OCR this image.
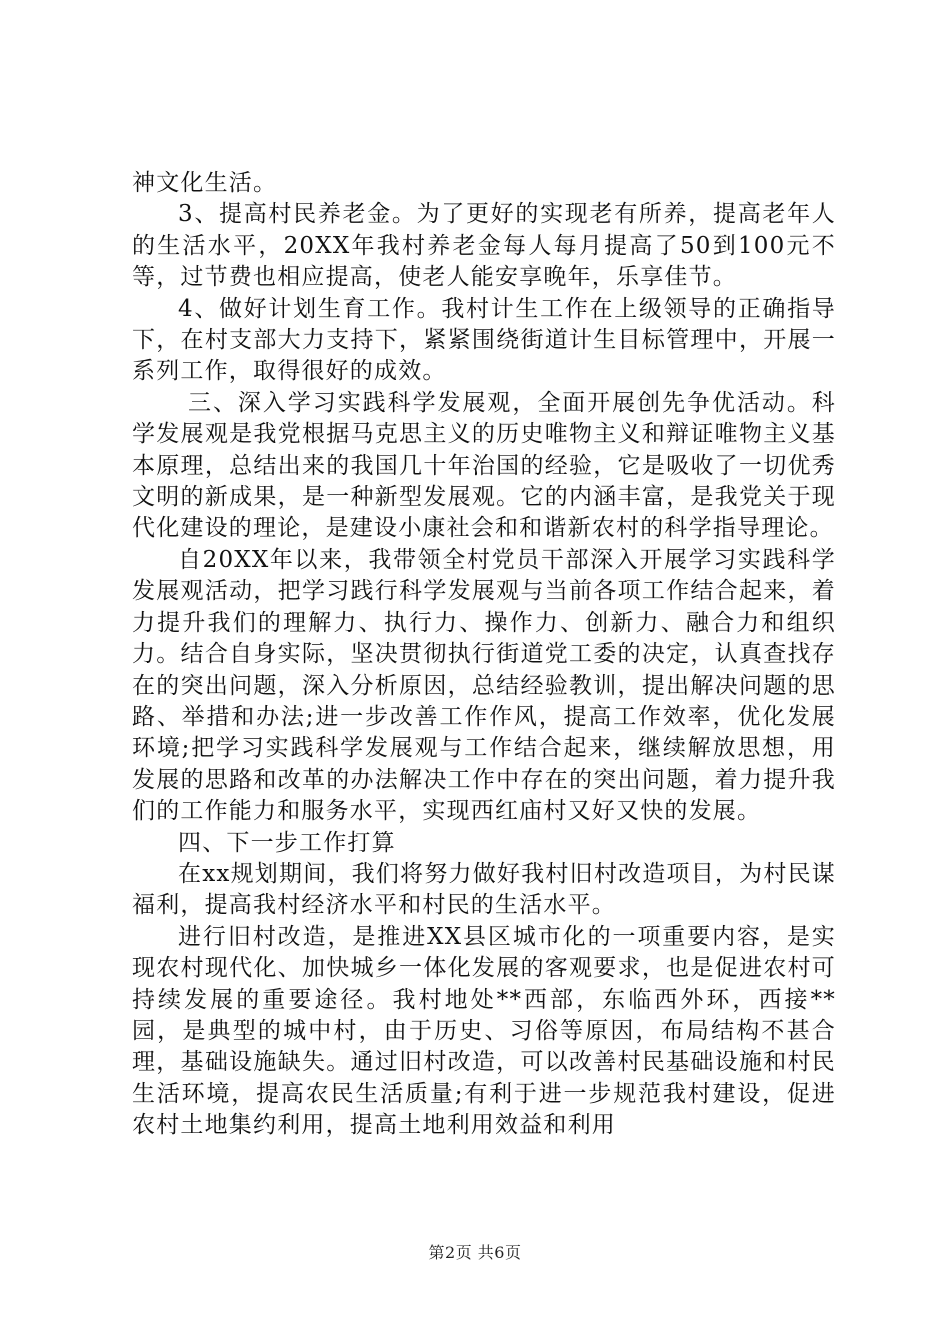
神文化生活。

3、提高村民养老金。为了更好的实现老有所养，提高老年人的生活水平，20XX年我村养老金每人每月提高了50到100元不等，过节费也相应提高，使老人能安享晚年，乐享佳节。

4、做好计划生育工作。我村计生工作在上级领导的正确指导下，在村支部大力支持下，紧紧围绕街道计生目标管理中，开展一系列工作，取得很好的成效。

三、深入学习实践科学发展观，全面开展创先争优活动。科学发展观是我党根据马克思主义的历史唯物主义和辩证唯物主义基本原理，总结出来的我国几十年治国的经验，它是吸收了一切优秀文明的新成果，是一种新型发展观。它的内涵丰富，是我党关于现代化建设的理论，是建设小康社会和和谐新农村的科学指导理论。

自20XX年以来，我带领全村党员干部深入开展学习实践科学发展观活动，把学习践行科学发展观与当前各项工作结合起来，着力提升我们的理解力、执行力、操作力、创新力、融合力和组织力。结合自身实际，坚决贯彻执行街道党工委的决定，认真查找存在的突出问题，深入分析原因，总结经验教训，提出解决问题的思路、举措和办法;进一步改善工作作风，提高工作效率，优化发展环境;把学习实践科学发展观与工作结合起来，继续解放思想，用发展的思路和改革的办法解决工作中存在的突出问题，着力提升我们的工作能力和服务水平，实现西红庙村又好又快的发展。

四、下一步工作打算

在xx规划期间，我们将努力做好我村旧村改造项目，为村民谋福利，提高我村经济水平和村民的生活水平。

进行旧村改造，是推进XX县区城市化的一项重要内容，是实现农村现代化、加快城乡一体化发展的客观要求，也是促进农村可持续发展的重要途径。我村地处**西部，东临西外环，西接**园，是典型的城中村，由于历史、习俗等原因，布局结构不甚合理，基础设施缺失。通过旧村改造，可以改善村民基础设施和村民生活环境，提高农民生活质量;有利于进一步规范我村建设，促进农村土地集约利用，提高土地利用效益和利用

第2页 共6页
